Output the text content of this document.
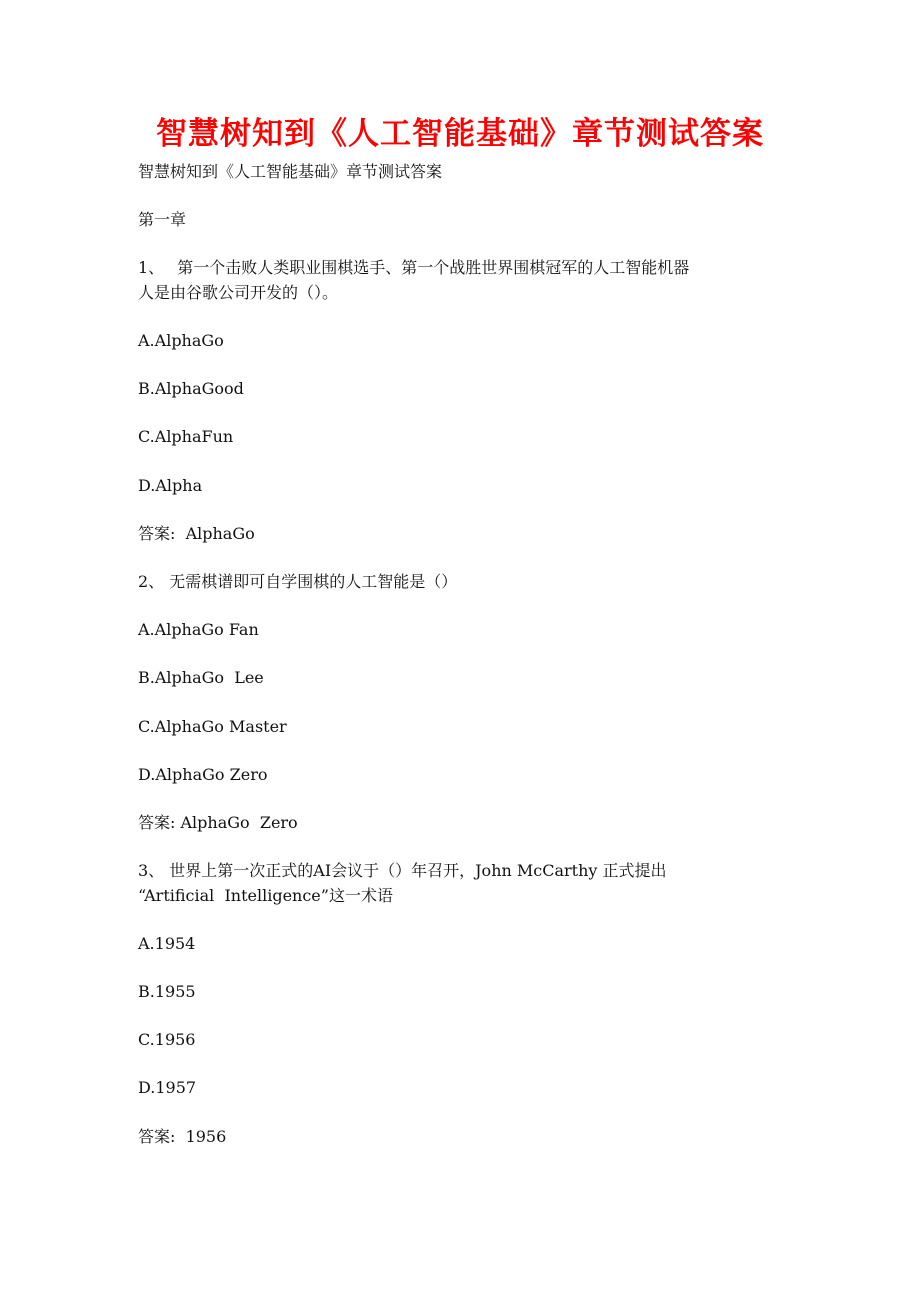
智慧树知到《人工智能基础》章节测试答案
智慧树知到《人工智能基础》章节测试答案
第一章
1、　 第一个击败人类职业围棋选手、第一个战胜世界围棋冠军的人工智能机器
人是由谷歌公司开发的（）。
A.AlphaGo
B.AlphaGood
C.AlphaFun
D.Alpha
答案:  AlphaGo
2、 无需棋谱即可自学围棋的人工智能是（）
A.AlphaGo Fan
B.AlphaGo  Lee
C.AlphaGo Master
D.AlphaGo Zero
答案: AlphaGo  Zero
3、 世界上第一次正式的AI会议于（）年召开，John McCarthy 正式提出
“Artificial  Intelligence”这一术语
A.1954
B.1955
C.1956
D.1957
答案:  1956
